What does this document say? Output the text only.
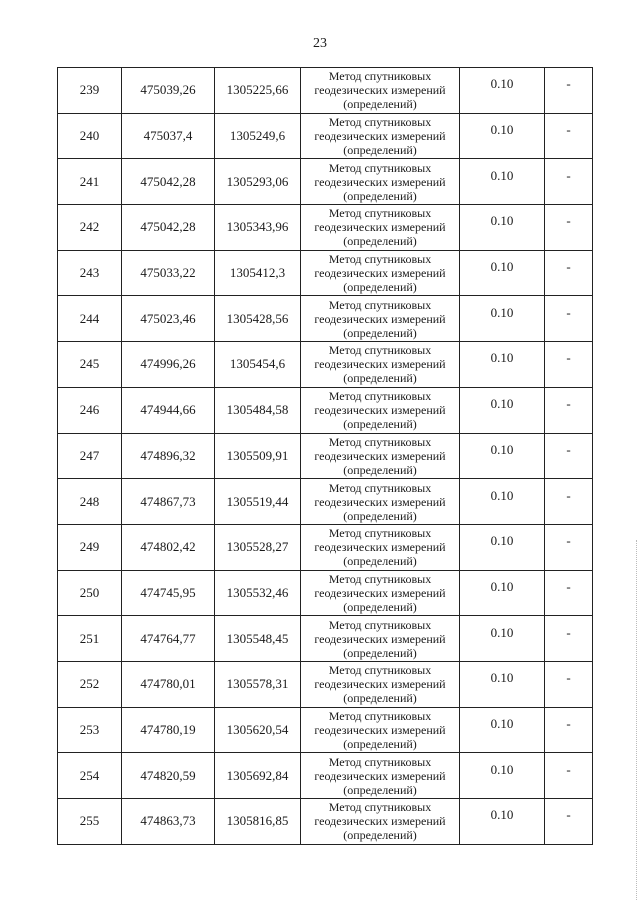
23
239	475039,26	1305225,66	Метод спутниковых геодезических измерений (определений)	0.10	-
240	475037,4	1305249,6	Метод спутниковых геодезических измерений (определений)	0.10	-
241	475042,28	1305293,06	Метод спутниковых геодезических измерений (определений)	0.10	-
242	475042,28	1305343,96	Метод спутниковых геодезических измерений (определений)	0.10	-
243	475033,22	1305412,3	Метод спутниковых геодезических измерений (определений)	0.10	-
244	475023,46	1305428,56	Метод спутниковых геодезических измерений (определений)	0.10	-
245	474996,26	1305454,6	Метод спутниковых геодезических измерений (определений)	0.10	-
246	474944,66	1305484,58	Метод спутниковых геодезических измерений (определений)	0.10	-
247	474896,32	1305509,91	Метод спутниковых геодезических измерений (определений)	0.10	-
248	474867,73	1305519,44	Метод спутниковых геодезических измерений (определений)	0.10	-
249	474802,42	1305528,27	Метод спутниковых геодезических измерений (определений)	0.10	-
250	474745,95	1305532,46	Метод спутниковых геодезических измерений (определений)	0.10	-
251	474764,77	1305548,45	Метод спутниковых геодезических измерений (определений)	0.10	-
252	474780,01	1305578,31	Метод спутниковых геодезических измерений (определений)	0.10	-
253	474780,19	1305620,54	Метод спутниковых геодезических измерений (определений)	0.10	-
254	474820,59	1305692,84	Метод спутниковых геодезических измерений (определений)	0.10	-
255	474863,73	1305816,85	Метод спутниковых геодезических измерений (определений)	0.10	-
